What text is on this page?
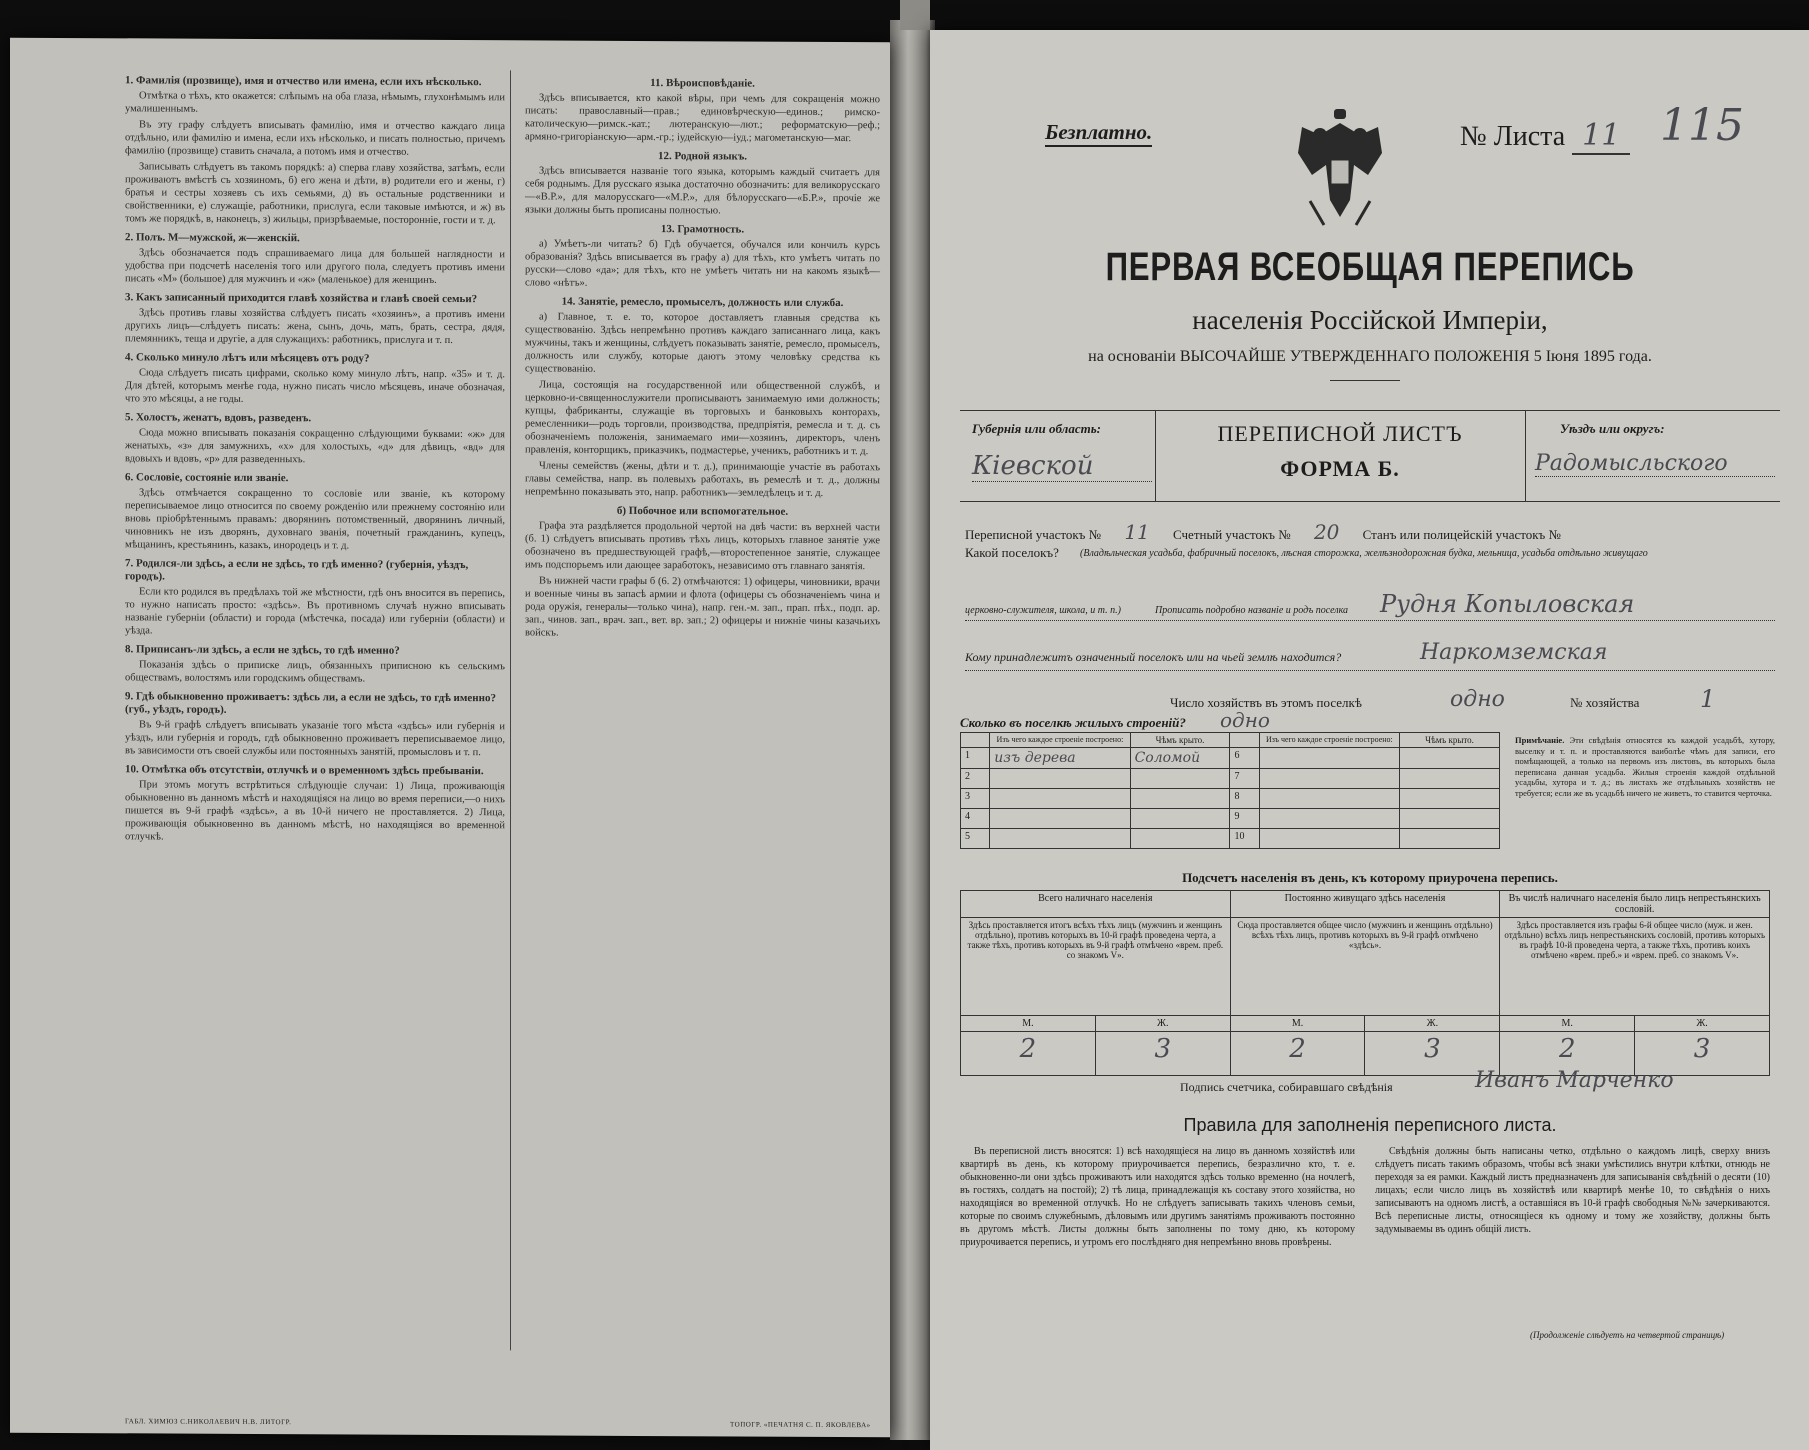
1. Фамилія (прозвище), имя и отчество или имена, если ихъ нѣсколько.

Отмѣтка о тѣхъ, кто окажется: слѣпымъ на оба глаза, нѣмымъ, глухонѣмымъ или умалишеннымъ.

Въ эту графу слѣдуетъ вписывать фамилію, имя и отчество каждаго лица отдѣльно, или фамилію и имена, если ихъ нѣсколько, и писать полностью, причемъ фамилію (прозвище) ставить сначала, а потомъ имя и отчество.

Записывать слѣдуетъ въ такомъ порядкѣ: а) сперва главу хозяйства, затѣмъ, если проживаютъ вмѣстѣ съ хозяиномъ, б) его жена и дѣти, в) родители его и жены, г) братья и сестры хозяевъ съ ихъ семьями, д) въ остальные родственники и свойственники, е) служащіе, работники, прислуга, если таковые имѣются, и ж) въ томъ же порядкѣ, в, наконецъ, з) жильцы, призрѣваемые, посторонніе, гости и т. д.

2. Полъ. М—мужской, ж—женскій.

Здѣсь обозначается подъ спрашиваемаго лица для большей наглядности и удобства при подсчетѣ населенія того или другого пола, следуетъ противъ имени писать «М» (большое) для мужчинъ и «ж» (маленькое) для женщинъ.

3. Какъ записанный приходится главѣ хозяйства и главѣ своей семьи?

Здѣсь противъ главы хозяйства слѣдуетъ писать «хозяинъ», а противъ имени другихъ лицъ—слѣдуетъ писать: жена, сынъ, дочь, мать, брать, сестра, дядя, племянникъ, теща и другіе, а для служащихъ: работникъ, прислуга и т. п.

4. Сколько минуло лѣтъ или мѣсяцевъ отъ роду?

Сюда слѣдуетъ писать цифрами, сколько кому минуло лѣтъ, напр. «35» и т. д. Для дѣтей, которымъ менѣе года, нужно писать число мѣсяцевъ, иначе обозначая, что это мѣсяцы, а не годы.

5. Холостъ, женатъ, вдовъ, разведенъ.

Сюда можно вписывать показанія сокращенно слѣдующими буквами: «ж» для женатыхъ, «з» для замужнихъ, «х» для холостыхъ, «д» для дѣвицъ, «вд» для вдовыхъ и вдовъ, «р» для разведенныхъ.

6. Сословіе, состояніе или званіе.

Здѣсь отмѣчается сокращенно то сословіе или званіе, къ которому перепиcываемое лицо относится по своему рожденію или прежнему состоянію или вновь пріобрѣтеннымъ правамъ: дворянинъ потомственный, дворянинъ личный, чиновникъ не изъ дворянъ, духовнаго званія, почетный гражданинъ, купецъ, мѣщанинъ, крестьянинъ, казакъ, инородецъ и т. д.

7. Родился-ли здѣсь, а если не здѣсь, то гдѣ именно? (губернія, уѣздъ, городъ).

Если кто родился въ предѣлахъ той же мѣстности, гдѣ онъ вносится въ перепись, то нужно написать просто: «здѣсь». Въ противномъ случаѣ нужно вписывать названіе губерніи (области) и города (мѣстечка, посада) или губерніи (области) и уѣзда.

8. Приписанъ-ли здѣсь, а если не здѣсь, то гдѣ именно?

Показанія здѣсь о приписке лицъ, обязанныхъ приписною къ сельскимъ обществамъ, волостямъ или городскимъ обществамъ.

9. Гдѣ обыкновенно проживаетъ: здѣсь ли, а если не здѣсь, то гдѣ именно? (губ., уѣздъ, городъ).

Въ 9-й графѣ слѣдуетъ вписывать указаніе того мѣста «здѣсь» или губернія и уѣздъ, или губернія и городъ, гдѣ обыкновенно проживаетъ переписываемое лицо, въ зависимости отъ своей службы или постоянныхъ занятій, промысловъ и т. п.

10. Отмѣтка объ отсутствіи, отлучкѣ и о временномъ здѣсь пребываніи.

При этомъ могутъ встрѣтиться слѣдующіе случаи: 1) Лица, проживающія обыкновенно въ данномъ мѣстѣ и находящіяся на лицо во время переписи,—о нихъ пишется въ 9-й графѣ «здѣсь», а въ 10-й ничего не проставляется. 2) Лица, проживающія обыкновенно въ данномъ мѣстѣ, но находящіяся во временной отлучкѣ.

11. Вѣроисповѣданіе.

Здѣсь вписывается, кто какой вѣры, при чемъ для сокращенія можно писать: православный—прав.; единовѣрческую—единов.; римско-католическую—римск.-кат.; лютеранскую—лют.; реформатскую—реф.; армяно-григоріанскую—арм.-гр.; іудейскую—іуд.; магометанскую—маг.

12. Родной языкъ.

Здѣсь вписывается названіе того языка, которымъ каждый считаетъ для себя роднымъ. Для русскаго языка достаточно обозначить: для великорусскаго—«В.Р.», для малорусскаго—«М.Р.», для бѣлорусскаго—«Б.Р.», прочіе же языки должны быть прописаны полностью.

13. Грамотность.

а) Умѣетъ-ли читать? б) Гдѣ обучается, обучался или кончилъ курсъ образованія? Здѣсь вписывается въ графу а) для тѣхъ, кто умѣетъ читать по русски—слово «да»; для тѣхъ, кто не умѣетъ читать ни на какомъ языкѣ—слово «нѣтъ».

14. Занятіе, ремесло, промыселъ, должность или служба.

а) Главное, т. е. то, которое доставляетъ главныя средства къ существованію. Здѣсь непремѣнно противъ каждаго записаннаго лица, какъ мужчины, такъ и женщины, слѣдуетъ показывать занятіе, ремесло, промыселъ, должность или службу, которые даютъ этому человѣку средства къ существованію.

Лица, состоящія на государственной или общественной службѣ, и церковно-и-священнослужители прописываютъ занимаемую ими должность; купцы, фабриканты, служащіе въ торговыхъ и банковыхъ конторахъ, ремесленники—родъ торговли, производства, предпріятія, ремесла и т. д. съ обозначеніемъ положенія, занимаемаго ими—хозяинъ, директоръ, членъ правленія, конторщикъ, приказчикъ, подмастерье, ученикъ, работникъ и т. д.

Члены семействъ (жены, дѣти и т. д.), принимающіе участіе въ работахъ главы семейства, напр. въ полевыхъ работахъ, въ ремеслѣ и т. д., должны непремѣнно показывать это, напр. работникъ—земледѣлецъ и т. д.

б) Побочное или вспомогательное.

Графа эта раздѣляется продольной чертой на двѣ части: въ верхней части (б. 1) слѣдуетъ вписывать противъ тѣхъ лицъ, которыхъ главное занятіе уже обозначено въ предшествующей графѣ,—второстепенное занятіе, служащее имъ подспорьемъ или дающее заработокъ, независимо отъ главнаго занятія.

Въ нижней части графы б (6. 2) отмѣчаются: 1) офицеры, чиновники, врачи и военные чины въ запасѣ армии и флота (офицеры съ обозначеніемъ чина и рода оружія, генералы—только чина), напр. ген.-м. зап., прап. пѣх., подп. ар. зап., чинов. зап., врач. зап., вет. вр. зап.; 2) офицеры и нижніе чины казачьихъ войскъ.

ГАБЛ. ХИМЮЗ С.НИКОЛАЕВИЧ Н.В. ЛИТОГР.	ТОПОГР. «ПЕЧАТНЯ С. П. ЯКОВЛЕВА»
Безплатно.	№ Листа 11 115
ПЕРВАЯ ВСЕОБЩАЯ ПЕРЕПИСЬ
населенія Россійской Имперіи,
на основаніи ВЫСОЧАЙШЕ УТВЕРЖДЕННАГО ПОЛОЖЕНІЯ 5 Іюня 1895 года.
Губернія или область:
Кіевской
ПЕРЕПИСНОЙ ЛИСТЪ
ФОРМА Б.
Уѣздъ или округъ:
Радомысльского
Переписной участокъ № 11 Счетный участокъ № 20 Станъ или полицейскій участокъ №
Какой поселокъ? (Владѣльческая усадьба, фабричный поселокъ, лѣсная сторожка, желѣзнодорожная будка, мельница, усадьба отдѣльно живущаго
церковно-служителя, школа, и т. п.)	Прописать подробно названіе и родъ поселка Рудня Копыловская
Кому принадлежитъ означенный поселокъ или на чьей землѣ находится?	Наркомземская
Число хозяйствъ въ этомъ поселкѣ	одно	№ хозяйства	1
Сколько въ поселкѣ жилыхъ строеній? одно
	Изъ чего каждое строеніе построено:	Чѣмъ крыто.		Изъ чего каждое строеніе построено:	Чѣмъ крыто.
1	изъ дерева	Соломой	6		
2			7		
3			8		
4			9		
5			10		
Примѣчаніе. Эти свѣдѣнія относятся къ каждой усадьбѣ, хутору, выселку и т. п. и проставляются ваиболѣе чѣмъ для записи, его помѣщающей, а только на первомъ изъ листовъ, въ которыхъ была переписана данная усадьба. Жилыя строенія каждой отдѣльной усадьбы, хутора и т. д.; въ листахъ же отдѣльныхъ хозяйствъ не требуется; если же въ усадьбѣ ничего не живетъ, то ставится черточка.
Подсчетъ населенія въ день, къ которому приурочена перепись.
Всего наличнаго населенія		Постоянно живущаго здѣсь населенія		Въ числѣ наличнаго населенія было лицъ непрестьянскихъ сословій.	
Здѣсь проставляется итогъ всѣхъ тѣхъ лицъ (мужчинъ и женщинъ отдѣльно), противъ которыхъ въ 10-й графѣ проведена черта, а также тѣхъ, противъ которыхъ въ 9-й графѣ отмѣчено «врем. преб. со знакомъ V».		Сюда проставляется общее число (мужчинъ и женщинъ отдѣльно) всѣхъ тѣхъ лицъ, противъ которыхъ въ 9-й графѣ отмѣчено «здѣсь».		Здѣсь проставляется изъ графы 6-й общее число (муж. и жен. отдѣльно) всѣхъ лицъ непрестьянскихъ сословій, противъ которыхъ въ графѣ 10-й проведена черта, а также тѣхъ, противъ коихъ отмѣчено «врем. преб.» и «врем. преб. со знакомъ V».	
М.	Ж.	М.	Ж.	М.	Ж.
2	3	2	3	2	3
Подпись счетчика, собиравшаго свѣдѣнія	Иванъ Марченко
Правила для заполненія переписного листа.
Въ переписной листъ вносятся: 1) всѣ находящіеся на лицо въ данномъ хозяйствѣ или квартирѣ въ день, къ которому приурочивается перепись, безразлично кто, т. е. обыкновенно-ли они здѣсь проживаютъ или находятся здѣсь только временно (на ночлегѣ, въ гостяхъ, солдатъ на постой); 2) тѣ лица, принадлежащія къ составу этого хозяйства, но находящіяся во временной отлучкѣ. Но не слѣдуетъ записывать такихъ членовъ семьи, которые по своимъ служебнымъ, дѣловымъ или другимъ занятіямъ проживаютъ постоянно въ другомъ мѣстѣ. Листы должны быть заполнены по тому дню, къ которому приурочивается перепись, и утромъ его послѣдняго дня непремѣнно вновь провѣрены.
Свѣдѣнія должны быть написаны четко, отдѣльно о каждомъ лицѣ, сверху внизъ слѣдуетъ писать такимъ образомъ, чтобы всѣ знаки умѣстились внутри клѣтки, отнюдь не переходя за ея рамки. Каждый листъ предназначенъ для записыванія свѣдѣній о десяти (10) лицахъ; если число лицъ въ хозяйствѣ или квартирѣ менѣе 10, то свѣдѣнія о нихъ записываютъ на одномъ листѣ, а оставшіяся въ 10-й графѣ свободныя №№ зачеркиваются. Всѣ переписные листы, относящіеся къ одному и тому же хозяйству, должны быть задумываемы въ одинъ общій листъ.
(Продолженіе слѣдуетъ на четвертой страницѣ)
